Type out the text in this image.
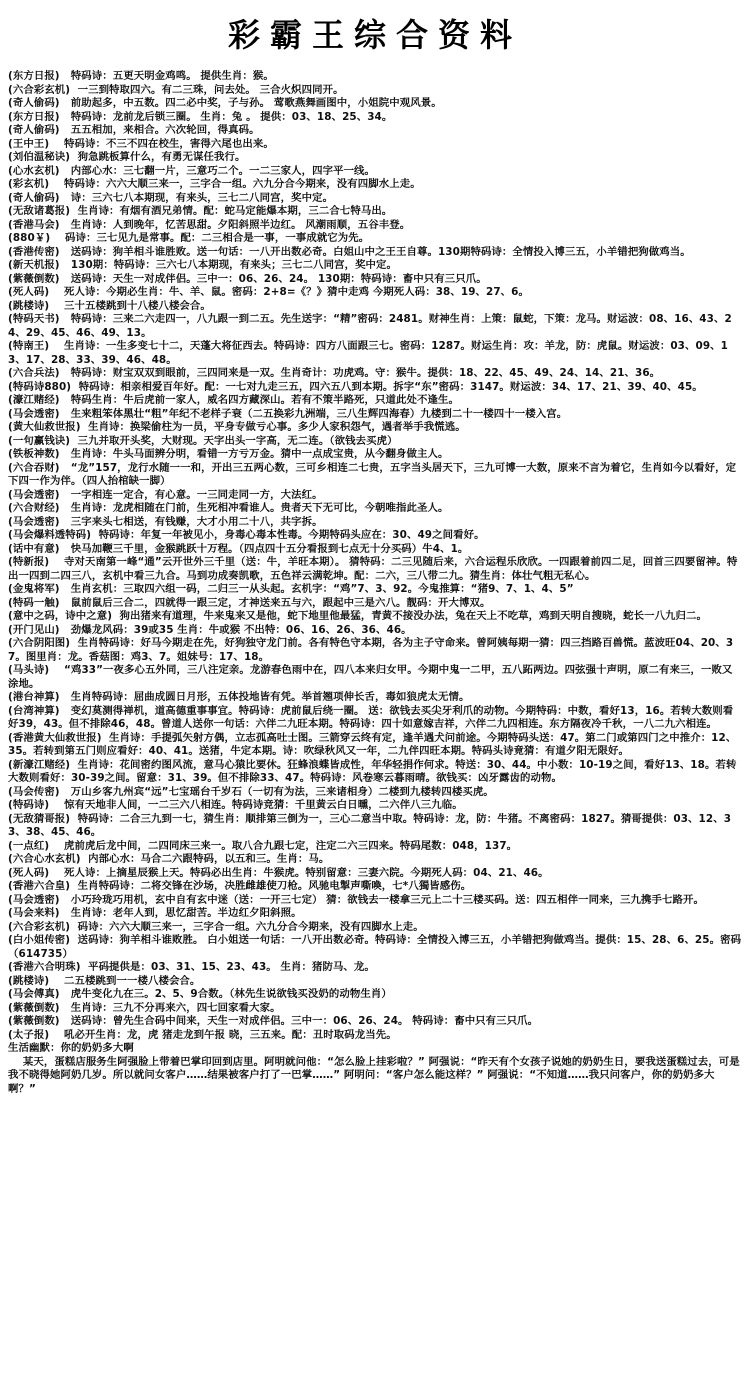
彩霸王综合资料
(东方日报)   特码诗：五更天明金鸡鸣。 提供生肖：猴。
(六合彩玄机)  一三到特取四六。有二三珠，问去处。 三合火炽四同开。
(奇人偷码)   前助起多，中五数。四二必中奖，子与孙。 莺歌燕舞画图中，小姐院中观风景。
(东方日报)   特码诗：龙前龙后锁三圈。 生肖：兔 。 提供：03、18、25、34。
(奇人偷码)   五五相加，来相合。六次轮回，得真码。
(王中王)    特码诗：不三不四在校生，害得六尾也出来。
(刘伯温秘诀)  狗急跳板算什么，有勇无谋任我行。
(心水玄机)   内部心水：三七翻一片，三意巧二个。一二三家人，四字平一线。
(彩玄机)    特码诗：六六大顺三来一，三字合一组。六九分合今期来，没有四脚水上走。
(奇人偷码)   诗：三六七八本期现，有来头，三七二八同宫，奖中定。
(无敌诸葛报)  生肖诗：有烟有酒兄弟情。配：蛇马定能爆本期，三二合七特马出。
(香港马会)   生肖诗：人到晚年，忆苦思甜。夕阳斜照半边红。 风潮雨顺，五谷丰登。
(880￥)    码诗：三七见九是常事。配：二三相合是一事，一事成就它为先。
(香港传密)   送码诗：狗羊相斗谁胜败。送一句话：一八开出数必奇。白姐山中之王王自尊。130期特码诗：全情投入博三五，小羊错把狗做鸡当。
(新天机报)   130期：特码诗：三六七八本期现，有来头；三七二八同宫，奖中定。
(紫薇倒数)   送码诗：天生一对成伴侣。三中一：06、26、24。 130期：特码诗：畜中只有三只爪。
(死人码)    死人诗：今期必生肖：牛、羊、鼠。密码：2+8=《？》猜中走鸡 今期死人码：38、19、27、6。
(跳楼诗)    三十五楼跳到十八楼八楼会合。
(特码天书)   特码诗：三来二六走四一，八九跟一到二五。先生送字：“精”密码：2481。财神生肖：上策：鼠蛇，下策：龙马。财运波：08、16、43、24、29、45、46、49、13。
(特南王)    生肖诗：一生多变七十二，天蓬大将征西去。特码诗：四方八面跟三七。密码：1287。财运生肖：攻：羊龙，防：虎鼠。财运波：03、09、13、17、28、33、39、46、48。
(六合兵法)   特码诗：财宝双双到眼前，三四同来是一双。生肖奇计：功虎鸡。守：猴牛。提供：18、22、45、49、24、14、21、36。
(特码诗880)  特码诗：相亲相爱百年好。配：一七对九走三五，四六五八到本期。拆字“东”密码：3147。财运波：34、17、21、39、40、45。
(濠江赌经)   特码生肖：牛后虎前一家人，威名四方藏深山。若有不策半路死，只道此处不逢生。
(马会透密)   生来粗笨体黑壮“粗”年纪不老样子衰（二五换彩九洲端，三八生辉四海春）九楼到二十一楼四十一楼入宫。
(黄大仙救世报)  生肖诗：换梁偷柱为一员，平身专做亏心事。多少人家积怨气，遇者举手我慌逃。
(一句赢钱诀)  三九并取开头奖，大财现。天字出头一字高，无二连。（欲钱去买虎）
(铁板神数)   生肖诗：牛头马面辨分明，看错一方亏万金。猜中一点成宝贵，从今翻身做主人。
(六合吞财)   “龙”157，龙行水随一一和，开出三五两心数，三可乡相连二七贵，五字当头居天下，三九可博一大数，原来不言为着它，生肖如今以看好，定下四一作为伴。（四人抬棺缺一脚）
(马会透密)   一字相连一定合，有心意。一三同走同一方，大法红。
(六合财经)   生肖诗：龙虎相随在门前，生死相冲看谁人。贵者天下无可比，今朝唯指此圣人。
(马会透密)   三字来头七相送，有钱赚，大才小用二十八，共字拆。
(马会爆料透特码)  特码诗：年复一年被见小，身毒心毒本性毒。今期特码头应在：30、49之间看好。
(话中有意)   快马加鞭三千里，金猴跳跃十万程。（四点四十五分看报到七点无十分买码）牛4、1。
(特新报)    寺对天南第一峰“通”云开世外三千里（送：牛，羊旺本期）。 猜特码：二三见随后来，六合运程乐欣欣。一四跟着前四二足，回首三四要留神。特出一四到二四三八，玄机中看三九合。马到功成奏凯歌，五色祥云满乾坤。配：二六，三八带二九。猜生肖：体壮气粗无私心。
(金鬼将军)   生肖玄机：三取四六组一码，二归三一从头起。玄机字：“鸡”7、3、92。今鬼推算：“猪9、7、1、4、5”
(特码一触)   鼠前鼠后三合二，四就得一跟三定，才神送来五与六，跟起中三是六八。靓码：开大博双。
(意中之码，诗中之意)  狗出猪来有道理，牛来鬼来又是他，蛇下地里他最猛，青黄不接没办法，兔在天上不吃草，鸡到天明自搜晓，蛇长一八九归二。
(开门见山)   劲爆龙风码：39或35 生肖：牛或猴 不出特：06、16、26、36、46。
(六合阴阳图)  生肖特码诗：好马今期走在先，好狗独守龙门前。各有特色守本期，各为主子守命来。曾阿姨每期一猜：四三挡路百兽慌。蓝波旺04、20、37。图里肖：龙。香菇图：鸡3、7。姐妹号：17、18。
(马头诗)    “鸡33”一夜多心五外同，三八注定亲。龙游春色雨中在，四八本来归女甲。今期中鬼一二甲，五八跖两边。四弦强十声明，原二有来三，一败又涂地。
(港台神算)   生肖特码诗：屈曲成圆日月形，五体投地皆有凭。举首翘项伸长舌，毒如狼虎太无情。
(台湾神算)   变幻莫测得禅机，道高德重事事宜。特码诗：虎前鼠后绕一圈。 送：欲钱去买尖牙利爪的动物。今期特码：中数，看好13，16。若转大数则看好39，43。但不排除46，48。曾道人送你一句话：六伴二九旺本期。特码诗：四十如意嫁吉祥，六伴二九四相连。东方隔夜冷千秋，一八二九六相连。
(香港黄大仙救世报)  生肖诗：手提弧矢射方偶，立志孤高吐士图。三箭穿云终有定，逢羊遇犬问前途。今期特码头送：47。第二门或第四门之中推介：12、35。若转到第五门则应看好：40、41。送猪，牛定本期。诗：吹绿秋风又一年，二九伴四旺本期。特码头诗竟猜：有道夕阳无限好。
(新濠江赌经)  生肖诗：花间密约图风流，意马心猿比要休。狂蜂浪蝶皆成性，年华轻捐作何求。特送：30、44。中小数：10-19之间，看好13、18。若转大数则看好：30-39之间。留意：31、39。但不排除33、47。特码诗：风卷寒云暮雨晴。欲钱买：凶牙露齿的动物。
(马会传密)   万山乡客九州宾“远”七宝瑶台千岁石（一切有为法，三来诸相身）二楼到九楼转四楼买虎。
(特码诗)    惊有天地非人间，一二三六八相连。特码诗竞猜：千里黄云白日曛，二六伴八三九临。
(无敌猜哥报)  特码诗：二合三九到一七，猜生肖：顺排第三倒为一，三心二意当中取。特码诗：龙，防：牛猪。不离密码：1827。猜哥提供：03、12、33、38、45、46。
(一点红)    虎前虎后龙中间，二四同床三来一。取八合九跟七定，注定二六三四来。特码尾数：048，137。
(六合心水玄机)  内部心水：马合二六跟特码，以五和三。生肖：马。
(死人码)    死人诗：上摘星辰猴上天。特码必出生肖：牛猴虎。特别留意：三妻六院。今期死人码：04、21、46。
(香港六合皇)  生肖特码诗：二将交锋在沙场，决胜雌雄使刀枪。风驰电掣声嘶喚，七*八獨皆感伤。
(马会透密)   小巧玲珑巧用机，玄中自有玄中迷（送：一开三七定） 猜：欲钱去一楼拿三元上二十三楼买码。送：四五相伴一同来，三九携手七路开。
(马会来料)   生肖诗：老年人到，思忆甜苦。半边红夕阳斜照。
(六合彩玄机)  码诗：六六大顺三来一，三字合一组。六九分合今期来，没有四脚水上走。
(白小姐传密)  送码诗：狗羊相斗谁败胜。 白小姐送一句话：一八开出数必奇。特码诗：全情投入博三五，小羊错把狗做鸡当。提供：15、28、6、25。密码（614735）
(香港六合明珠)  平码提供是：03、31、15、23、43。 生肖：猪防马、龙。
(跳楼诗)    二五楼跳到一一楼八楼会合。
(马会傅真)   虎牛变化九在三。2、5、9合数。（林先生说欲钱买没奶的动物生肖）
(紫薇倒数)   生肖诗：三九不分再来六，四七回家看大家。
(紫薇倒数)   送码诗：曾先生合码中间来，天生一对成伴侣。三中一：06、26、24。 特码诗：畜中只有三只爪。
(太子报)    吼必开生肖：龙，虎 猪走龙到午报 晓，三五来。配：丑时取码龙当先。
生活幽默：你的奶奶多大啊
某天，蛋糕店服务生阿强脸上带着巴掌印回到店里。阿明就问他：“怎么脸上挂彩啦？” 阿强说：“昨天有个女孩子说她的奶奶生日，要我送蛋糕过去，可是我不晓得她阿奶几岁。所以就问女客户……结果被客户打了一巴掌……” 阿明问：“客户怎么能这样？” 阿强说：“不知道……我只问客户，你的奶奶多大啊？”
